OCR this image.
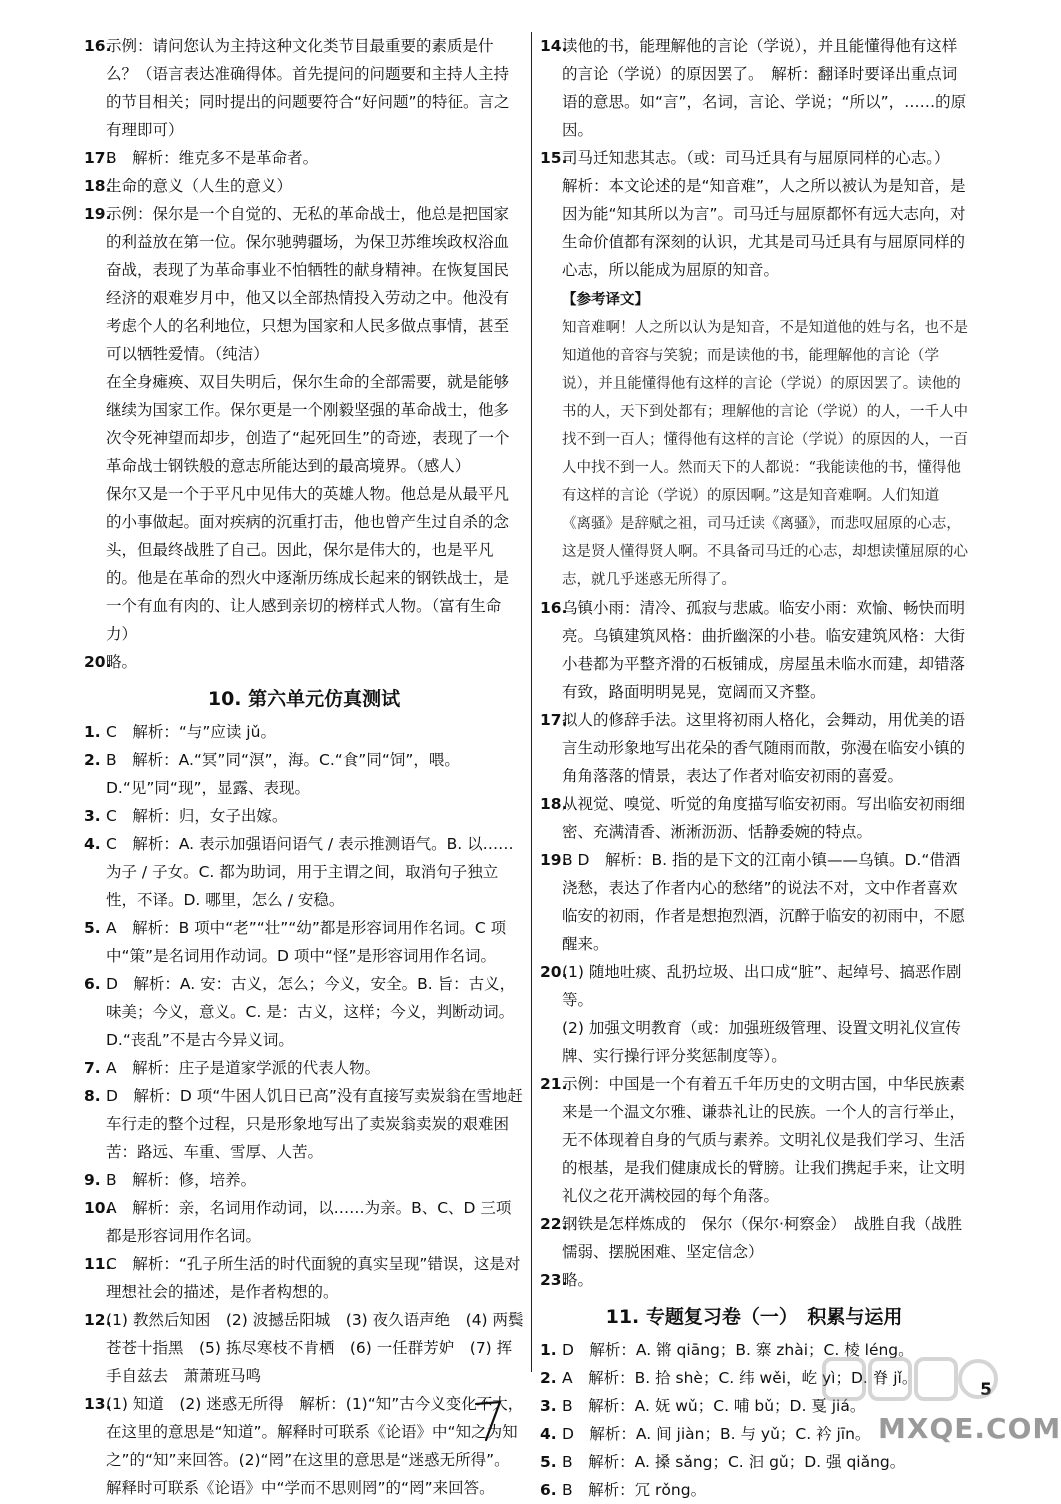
16.
示例：请问您认为主持这种文化类节目最重要的素质是什么？（语言表达准确得体。首先提问的问题要和主持人主持的节目相关；同时提出的问题要符合“好问题”的特征。言之有理即可）
17.
B　解析：维克多不是革命者。
18.
生命的意义（人生的意义）
19.
示例：保尔是一个自觉的、无私的革命战士，他总是把国家的利益放在第一位。保尔驰骋疆场，为保卫苏维埃政权浴血奋战，表现了为革命事业不怕牺牲的献身精神。在恢复国民经济的艰难岁月中，他又以全部热情投入劳动之中。他没有考虑个人的名利地位，只想为国家和人民多做点事情，甚至可以牺牲爱情。（纯洁）

在全身瘫痪、双目失明后，保尔生命的全部需要，就是能够继续为国家工作。保尔更是一个刚毅坚强的革命战士，他多次令死神望而却步，创造了“起死回生”的奇迹，表现了一个革命战士钢铁般的意志所能达到的最高境界。（感人）

保尔又是一个于平凡中见伟大的英雄人物。他总是从最平凡的小事做起。面对疾病的沉重打击，他也曾产生过自杀的念头，但最终战胜了自己。因此，保尔是伟大的，也是平凡的。他是在革命的烈火中逐渐历练成长起来的钢铁战士，是一个有血有肉的、让人感到亲切的榜样式人物。（富有生命力）

20.
略。
10. 第六单元仿真测试
1. C　解析：“与”应读 jǔ。
2. B　解析：A.“冥”同“溟”，海。C.“食”同“饲”，喂。D.“见”同“现”，显露、表现。
3. C　解析：归，女子出嫁。
4. C　解析：A. 表示加强语问语气 / 表示推测语气。B. 以……为子 / 子女。C. 都为助词，用于主谓之间，取消句子独立性，不译。D. 哪里，怎么 / 安稳。
5. A　解析：B 项中“老”“壮”“幼”都是形容词用作名词。C 项中“策”是名词用作动词。D 项中“怪”是形容词用作名词。
6. D　解析：A. 安：古义，怎么；今义，安全。B. 旨：古义，味美；今义，意义。C. 是：古义，这样；今义，判断动词。D.“丧乱”不是古今异义词。
7. A　解析：庄子是道家学派的代表人物。
8. D　解析：D 项“牛困人饥日已高”没有直接写卖炭翁在雪地赶车行走的整个过程，只是形象地写出了卖炭翁卖炭的艰难困苦：路远、车重、雪厚、人苦。
9. B　解析：修，培养。
10.
A　解析：亲，名词用作动词，以……为亲。B、C、D 三项都是形容词用作名词。
11.
C　解析：“孔子所生活的时代面貌的真实呈现”错误，这是对理想社会的描述，是作者构想的。
12.
(1) 教然后知困　(2) 波撼岳阳城　(3) 夜久语声绝　(4) 两鬓苍苍十指黑　(5) 拣尽寒枝不肯栖　(6) 一任群芳妒　(7) 挥手自兹去　萧萧班马鸣
13.
(1) 知道　(2) 迷惑无所得　解析：(1)“知”古今义变化不大，在这里的意思是“知道”。解释时可联系《论语》中“知之为知之”的“知”来回答。(2)“罔”在这里的意思是“迷惑无所得”。解释时可联系《论语》中“学而不思则罔”的“罔”来回答。
14.
读他的书，能理解他的言论（学说），并且能懂得他有这样的言论（学说）的原因罢了。　解析：翻译时要译出重点词语的意思。如“言”，名词，言论、学说；“所以”，……的原因。
15.
司马迁知悲其志。（或：司马迁具有与屈原同样的心志。）

解析：本文论述的是“知音难”，人之所以被认为是知音，是因为能“知其所以为言”。司马迁与屈原都怀有远大志向，对生命价值都有深刻的认识，尤其是司马迁具有与屈原同样的心志，所以能成为屈原的知音。

【参考译文】

知音难啊！人之所以认为是知音，不是知道他的姓与名，也不是知道他的音容与笑貌；而是读他的书，能理解他的言论（学说），并且能懂得他有这样的言论（学说）的原因罢了。读他的书的人，天下到处都有；理解他的言论（学说）的人，一千人中找不到一百人；懂得他有这样的言论（学说）的原因的人，一百人中找不到一人。然而天下的人都说：“我能读他的书，懂得他有这样的言论（学说）的原因啊。”这是知音难啊。人们知道《离骚》是辞赋之祖，司马迁读《离骚》，而悲叹屈原的心志，这是贤人懂得贤人啊。不具备司马迁的心志，却想读懂屈原的心志，就几乎迷惑无所得了。

16.
乌镇小雨：清冷、孤寂与悲戚。临安小雨：欢愉、畅快而明亮。乌镇建筑风格：曲折幽深的小巷。临安建筑风格：大街小巷都为平整齐滑的石板铺成，房屋虽未临水而建，却错落有致，路面明明晃晃，宽阔而又齐整。
17.
拟人的修辞手法。这里将初雨人格化，会舞动，用优美的语言生动形象地写出花朵的香气随雨而散，弥漫在临安小镇的角角落落的情景，表达了作者对临安初雨的喜爱。
18.
从视觉、嗅觉、听觉的角度描写临安初雨。写出临安初雨细密、充满清香、淅淅沥沥、恬静委婉的特点。
19.
B D　解析：B. 指的是下文的江南小镇——乌镇。D.“借酒浇愁，表达了作者内心的愁绪”的说法不对，文中作者喜欢临安的初雨，作者是想抱烈酒，沉醉于临安的初雨中，不愿醒来。
20.
(1) 随地吐痰、乱扔垃圾、出口成“脏”、起绰号、搞恶作剧等。
(2) 加强文明教育（或：加强班级管理、设置文明礼仪宣传牌、实行操行评分奖惩制度等）。
21.
示例：中国是一个有着五千年历史的文明古国，中华民族素来是一个温文尔雅、谦恭礼让的民族。一个人的言行举止，无不体现着自身的气质与素养。文明礼仪是我们学习、生活的根基，是我们健康成长的臂膀。让我们携起手来，让文明礼仪之花开满校园的每个角落。
22.
钢铁是怎样炼成的　保尔（保尔·柯察金）　战胜自我（战胜懦弱、摆脱困难、坚定信念）
23.
略。
11. 专题复习卷（一）　积累与运用
1. D　解析：A. 锵 qiāng；B. 寨 zhài；C. 棱 léng。
2. A　解析：B. 拾 shè；C. 纬 wěi，屹 yì；D. 脊 jǐ。
3. B　解析：A. 妩 wǔ；C. 哺 bǔ；D. 戛 jiá。
4. D　解析：A. 间 jiàn；B. 与 yǔ；C. 衿 jīn。
5. B　解析：A. 搡 sǎng；C. 汩 gǔ；D. 强 qiǎng。
6. B　解析：冗 rǒng。
5
MXQE.COM
